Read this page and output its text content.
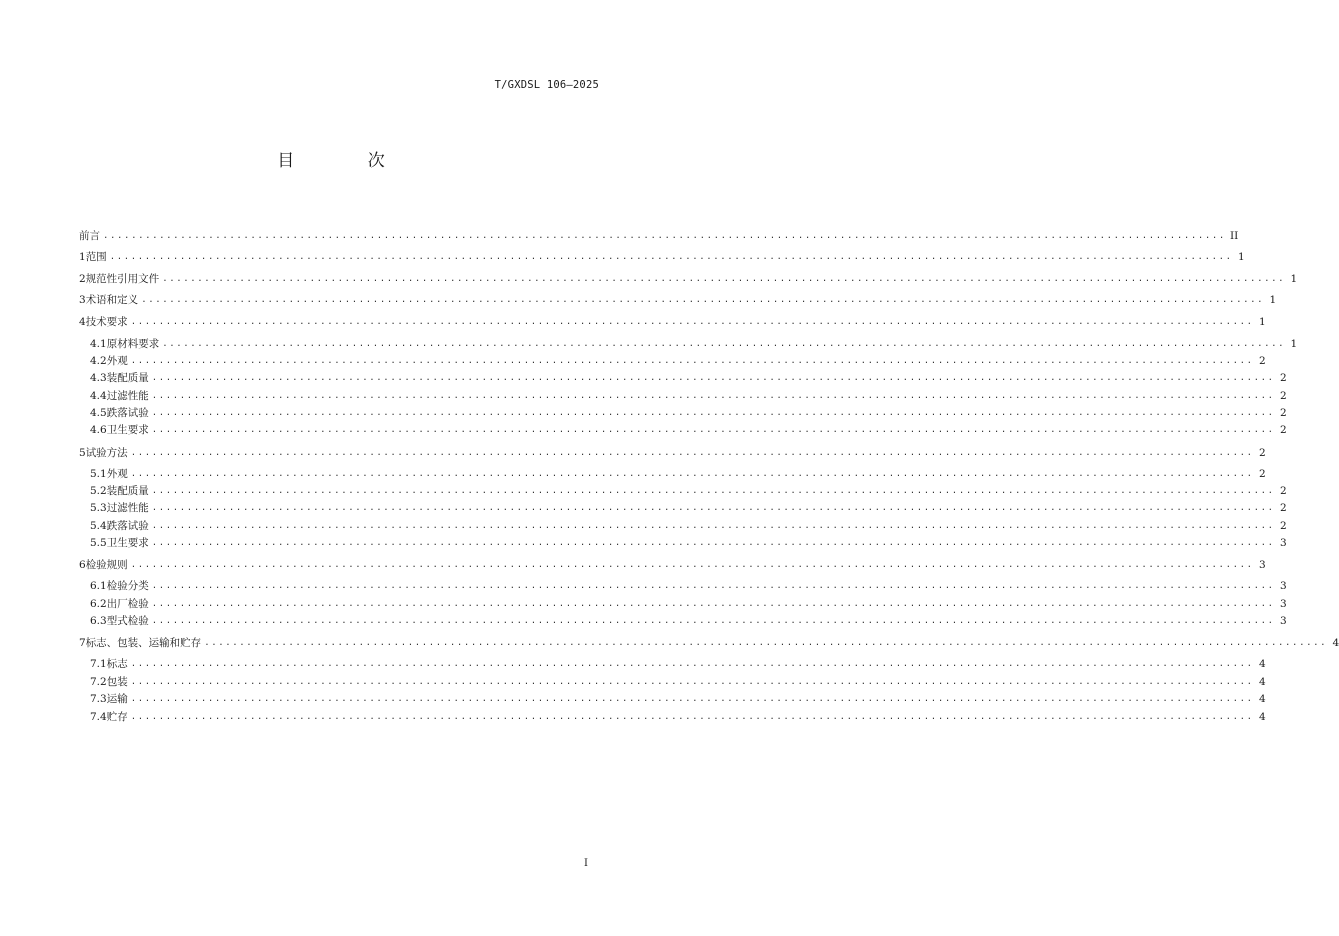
T/GXDSL 106—2025

目 次
前言 ................................................................................................................................................................ II
1 范围 ................................................................................................................................................................ 1
2 规范性引用文件 ................................................................................................................................................................ 1
3 术语和定义 ................................................................................................................................................................ 1
4 技术要求 ................................................................................................................................................................ 1
4.1 原材料要求 ................................................................................................................................................................ 1
4.2 外观 ................................................................................................................................................................ 2
4.3 装配质量 ................................................................................................................................................................ 2
4.4 过滤性能 ................................................................................................................................................................ 2
4.5 跌落试验 ................................................................................................................................................................ 2
4.6 卫生要求 ................................................................................................................................................................ 2
5 试验方法 ................................................................................................................................................................ 2
5.1 外观 ................................................................................................................................................................ 2
5.2 装配质量 ................................................................................................................................................................ 2
5.3 过滤性能 ................................................................................................................................................................ 2
5.4 跌落试验 ................................................................................................................................................................ 2
5.5 卫生要求 ................................................................................................................................................................ 3
6 检验规则 ................................................................................................................................................................ 3
6.1 检验分类 ................................................................................................................................................................ 3
6.2 出厂检验 ................................................................................................................................................................ 3
6.3 型式检验 ................................................................................................................................................................ 3
7 标志、包装、运输和贮存 ................................................................................................................................................................ 4
7.1 标志 ................................................................................................................................................................ 4
7.2 包装 ................................................................................................................................................................ 4
7.3 运输 ................................................................................................................................................................ 4
7.4 贮存 ................................................................................................................................................................ 4

I
